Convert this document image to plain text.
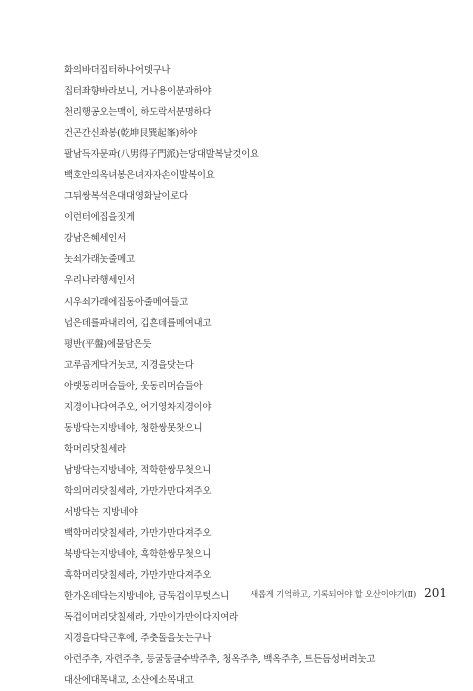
화의바더집터하나어뎃구나
집터좌향바라보니, 거나용이분과하야
천리행공오는맥이, 하도락서분명하다
건곤간신좌봉(乾坤艮巽起峯)하야
팔남득자문파(八男得子門派)는당대발복날것이요
백호안의옥녀봉은녀자자손이발복이요
그뒤쌍복석은대대영화날이로다
이런터에집을짓게
강남은혜세인서
놋쇠가래놋줄메고
우리나라행세인서
시우쇠가래에집동아줄메여들고
넙은데를파내리여, 깁흔데를메여내고
평반(平盤)에물담은듯
고루곱게닥거놋코, 지경을닷는다
아랫동리머슴들아, 웃동리머슴들아
지경이나다여주오, 어기영차지경이야
동방닥는지방네야, 청한쌍못찻으니
학머리닷칠세라
남방닥는지방네야, 적학한쌍무첫으니
학의머리닷칠세라, 가만가만다져주오
서방닥는 지방네야
백학머리닷칠세라, 가만가만다져주오
북방닥는지방네야, 흑학한쌍무첫으니
흑학머리닷칠세라, 가만가만다져주오
한가온데닥는지방네야, 금둑겁이무텃스니
독겁이머리닷칠세라, 가만이가만이다지여라
지경을다닥근후에, 주춧돌을놋는구나
아런주추, 자련주추, 등굴둥글수박주추, 청옥주추, 백옥주추, 트든듬성버려놋고
대산에대목내고, 소산에소목내고
새롭게 기억하고, 기록되어야 할 오산이야기(Ⅱ) 201
